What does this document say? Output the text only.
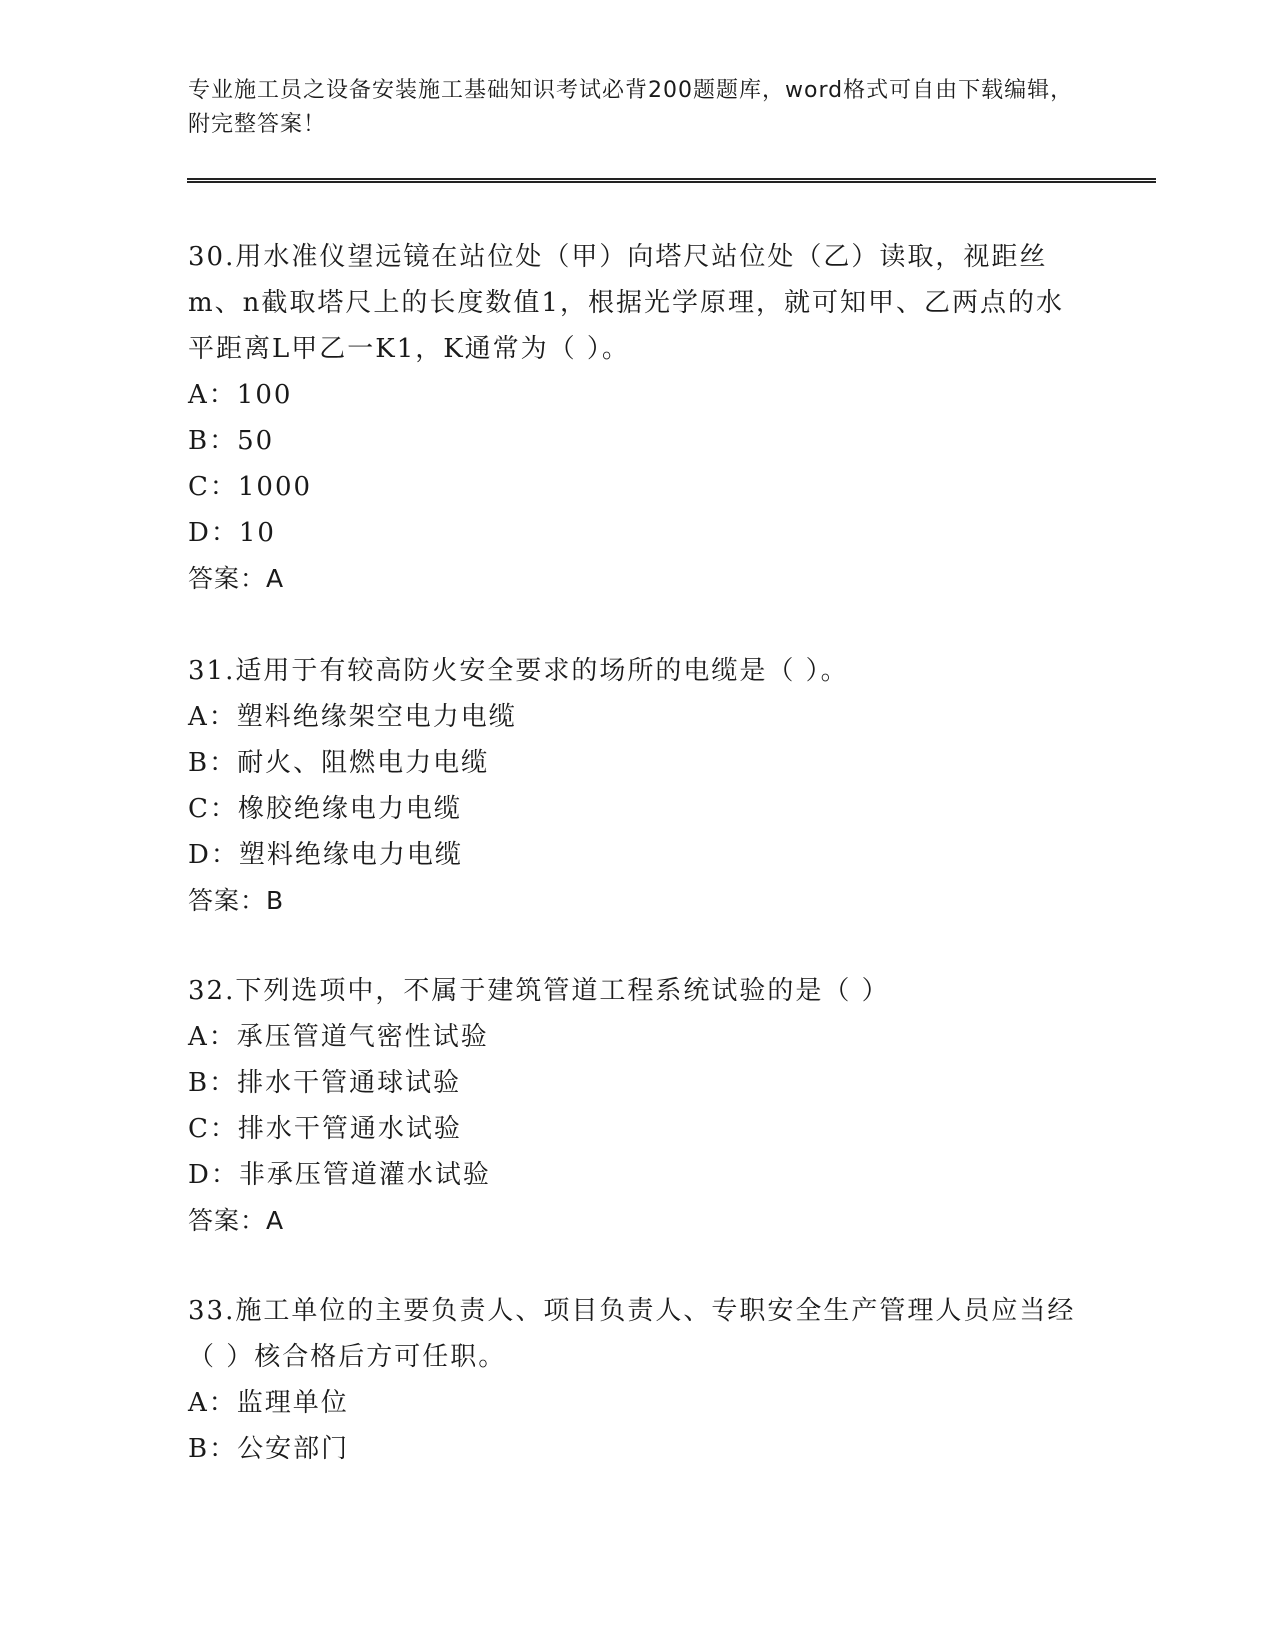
专业施工员之设备安装施工基础知识考试必背200题题库，word格式可自由下载编辑，附完整答案！
30.用水准仪望远镜在站位处（甲）向塔尺站位处（乙）读取，视距丝m、n截取塔尺上的长度数值1，根据光学原理，就可知甲、乙两点的水平距离L甲乙一K1，K通常为（ ）。
A：100
B：50
C：1000
D：10
答案：A
31.适用于有较高防火安全要求的场所的电缆是（ ）。
A：塑料绝缘架空电力电缆
B：耐火、阻燃电力电缆
C：橡胶绝缘电力电缆
D：塑料绝缘电力电缆
答案：B
32.下列选项中，不属于建筑管道工程系统试验的是（ ）
A：承压管道气密性试验
B：排水干管通球试验
C：排水干管通水试验
D：非承压管道灌水试验
答案：A
33.施工单位的主要负责人、项目负责人、专职安全生产管理人员应当经（ ）核合格后方可任职。
A：监理单位
B：公安部门
